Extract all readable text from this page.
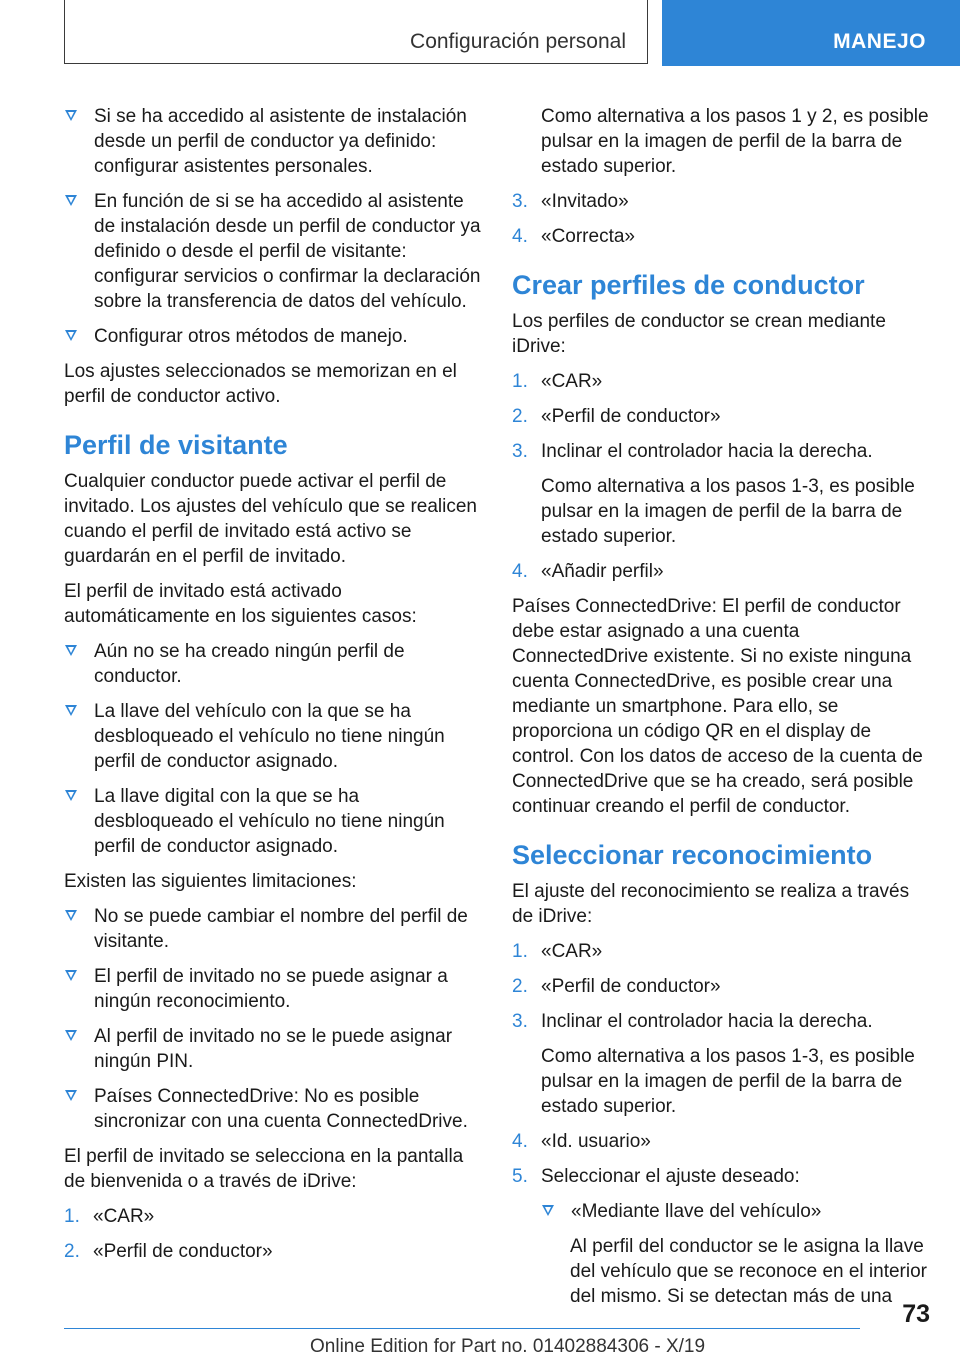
Configuración personal	MANEJO
Si se ha accedido al asistente de instalación desde un perfil de conductor ya definido: configurar asistentes personales.
En función de si se ha accedido al asistente de instalación desde un perfil de conductor ya definido o desde el perfil de visitante: configurar servicios o confirmar la declaración sobre la transferencia de datos del vehículo.
Configurar otros métodos de manejo.

Los ajustes seleccionados se memorizan en el perfil de conductor activo.

Perfil de visitante

Cualquier conductor puede activar el perfil de invitado. Los ajustes del vehículo que se realicen cuando el perfil de invitado está activo se guardarán en el perfil de invitado.

El perfil de invitado está activado automáticamente en los siguientes casos:

Aún no se ha creado ningún perfil de conductor.
La llave del vehículo con la que se ha desbloqueado el vehículo no tiene ningún perfil de conductor asignado.
La llave digital con la que se ha desbloqueado el vehículo no tiene ningún perfil de conductor asignado.

Existen las siguientes limitaciones:

No se puede cambiar el nombre del perfil de visitante.
El perfil de invitado no se puede asignar a ningún reconocimiento.
Al perfil de invitado no se le puede asignar ningún PIN.
Países ConnectedDrive: No es posible sincronizar con una cuenta ConnectedDrive.

El perfil de invitado se selecciona en la pantalla de bienvenida o a través de iDrive:

1. «CAR»
2. «Perfil de conductor»
Como alternativa a los pasos 1 y 2, es posible pulsar en la imagen de perfil de la barra de estado superior.
3. «Invitado»
4. «Correcta»
Crear perfiles de conductor

Los perfiles de conductor se crean mediante iDrive:

1. «CAR»
2. «Perfil de conductor»
3. Inclinar el controlador hacia la derecha.
Como alternativa a los pasos 1-3, es posible pulsar en la imagen de perfil de la barra de estado superior.
4. «Añadir perfil»

Países ConnectedDrive: El perfil de conductor debe estar asignado a una cuenta ConnectedDrive existente. Si no existe ninguna cuenta ConnectedDrive, es posible crear una mediante un smartphone. Para ello, se proporciona un código QR en el display de control. Con los datos de acceso de la cuenta de ConnectedDrive que se ha creado, será posible continuar creando el perfil de conductor.

Seleccionar reconocimiento

El ajuste del reconocimiento se realiza a través de iDrive:

1. «CAR»
2. «Perfil de conductor»
3. Inclinar el controlador hacia la derecha.
Como alternativa a los pasos 1-3, es posible pulsar en la imagen de perfil de la barra de estado superior.
4. «Id. usuario»
5. Seleccionar el ajuste deseado:
«Mediante llave del vehículo»
Al perfil del conductor se le asigna la llave del vehículo que se reconoce en el interior del mismo. Si se detectan más de una
73
Online Edition for Part no. 01402884306 - X/19
